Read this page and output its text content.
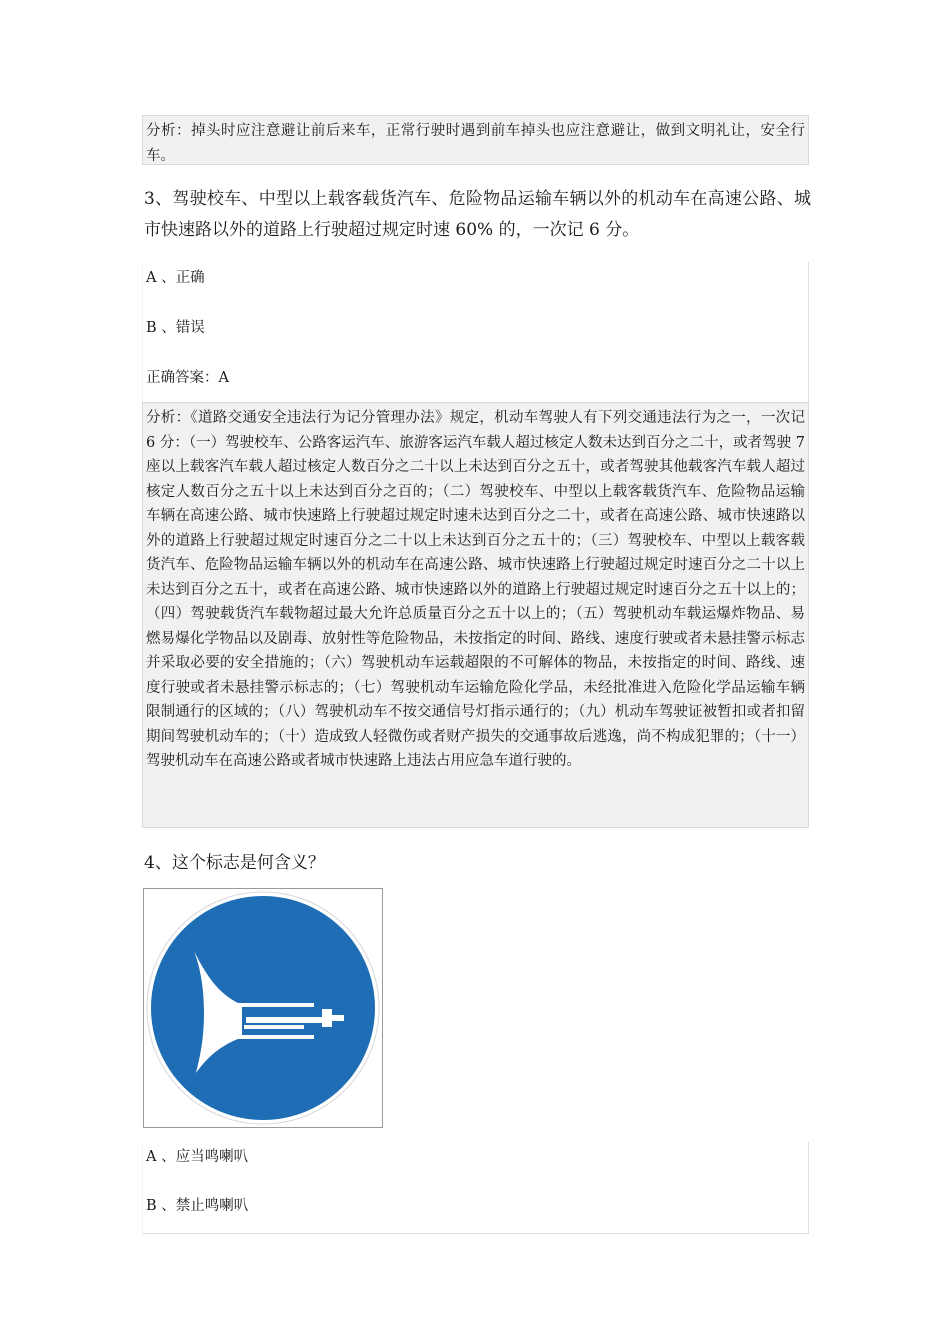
分析：掉头时应注意避让前后来车，正常行驶时遇到前车掉头也应注意避让，做到文明礼让，安全行车。
3、驾驶校车、中型以上载客载货汽车、危险物品运输车辆以外的机动车在高速公路、城市快速路以外的道路上行驶超过规定时速 60% 的，一次记 6 分。
A 、正确
B 、错误
正确答案：A
分析：《道路交通安全违法行为记分管理办法》规定，机动车驾驶人有下列交通违法行为之一，一次记 6 分：（一）驾驶校车、公路客运汽车、旅游客运汽车载人超过核定人数未达到百分之二十，或者驾驶 7 座以上载客汽车载人超过核定人数百分之二十以上未达到百分之五十，或者驾驶其他载客汽车载人超过核定人数百分之五十以上未达到百分之百的；（二）驾驶校车、中型以上载客载货汽车、危险物品运输车辆在高速公路、城市快速路上行驶超过规定时速未达到百分之二十，或者在高速公路、城市快速路以外的道路上行驶超过规定时速百分之二十以上未达到百分之五十的；（三）驾驶校车、中型以上载客载货汽车、危险物品运输车辆以外的机动车在高速公路、城市快速路上行驶超过规定时速百分之二十以上未达到百分之五十，或者在高速公路、城市快速路以外的道路上行驶超过规定时速百分之五十以上的；（四）驾驶载货汽车载物超过最大允许总质量百分之五十以上的；（五）驾驶机动车载运爆炸物品、易燃易爆化学物品以及剧毒、放射性等危险物品，未按指定的时间、路线、速度行驶或者未悬挂警示标志并采取必要的安全措施的；（六）驾驶机动车运载超限的不可解体的物品，未按指定的时间、路线、速度行驶或者未悬挂警示标志的；（七）驾驶机动车运输危险化学品，未经批准进入危险化学品运输车辆限制通行的区域的；（八）驾驶机动车不按交通信号灯指示通行的；（九）机动车驾驶证被暂扣或者扣留期间驾驶机动车的；（十）造成致人轻微伤或者财产损失的交通事故后逃逸，尚不构成犯罪的；（十一）驾驶机动车在高速公路或者城市快速路上违法占用应急车道行驶的。
4、这个标志是何含义？
A 、应当鸣喇叭
B 、禁止鸣喇叭
